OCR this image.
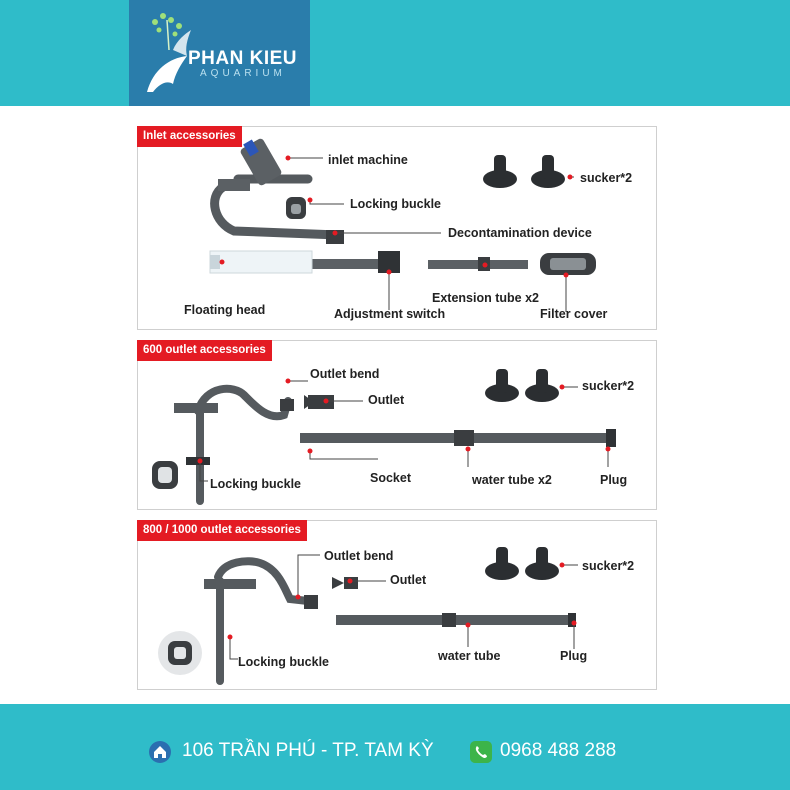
PHAN KIEU
AQUARIUM
Inlet accessories
inlet machine
Locking buckle
Decontamination device
Floating head	Adjustment switch
Extension tube x2
Filter cover
sucker*2
600 outlet accessories
Outlet bend
Outlet
Locking buckle	Socket	water tube x2	Plug
sucker*2
800 / 1000 outlet accessories
Outlet bend
Outlet
Locking buckle	water tube	Plug
sucker*2
106 TRẦN PHÚ - TP. TAM KỲ	0968 488 288
